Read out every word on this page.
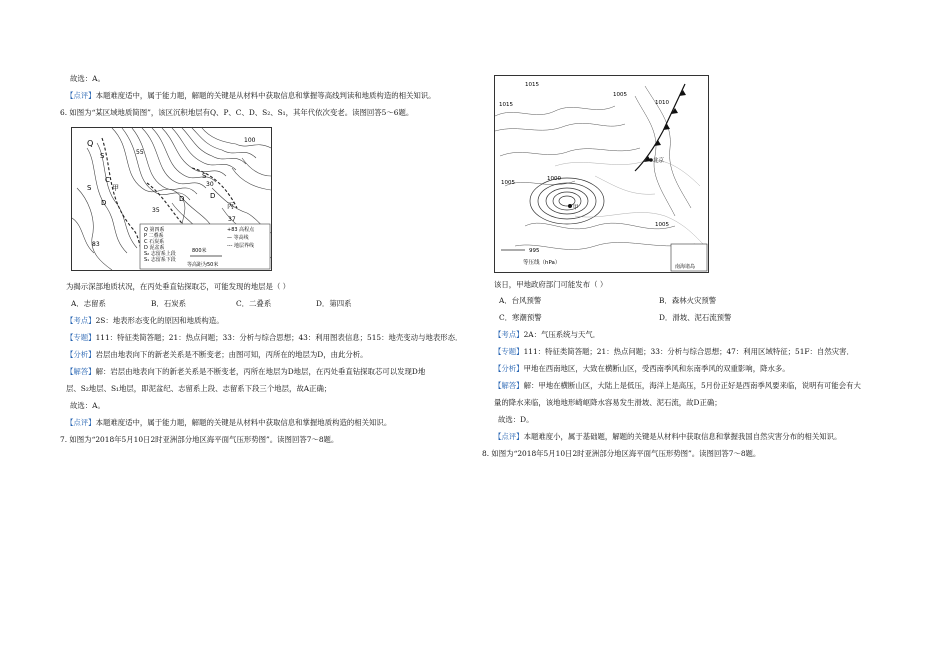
故选：A。
【点评】本题难度适中，属于能力题，解题的关键是从材料中获取信息和掌握等高线判读和地质构造的相关知识。
6. 如图为“某区域地质简图”，该区沉积地层有Q、P、C、D、S₂、S₁，其年代依次变老。读图回答5～6题。
Q
S
S
C
甲
D	D
S
D
丙
35
30
37
55
83
100
Q 第四系
P 二叠系
C 石炭系
D 泥盆系
S₂ 志留系上段
S₁ 志留系下段
+83 高程点
— 等高线
--- 地层界线
800米
等高距为50米
为揭示深部地质状况，在丙处垂直钻探取芯，可能发现的地层是（ ）
A．志留系	B．石炭系	C．二叠系	D．第四系
【考点】2S：地表形态变化的原因和地质构造。
【专题】111：特征类简答题；21：热点问题；33：分析与综合思想；43：利用图表信息；515：地壳变动与地表形态．
【分析】岩层由地表向下的新老关系是不断变老；由图可知，丙所在的地层为D，由此分析。
【解答】解：岩层由地表向下的新老关系是不断变老，丙所在地层为D地层，在丙处垂直钻探取芯可以发现D地
层、S₂地层、S₁地层，即泥盆纪、志留系上段、志留系下段三个地层，故A正确；
故选：A。
【点评】本题难度适中，属于能力题，解题的关键是从材料中获取信息和掌握地质构造的相关知识。
7. 如图为“2018年5月10日2时亚洲部分地区海平面气压形势图”。读图回答7～8题。
1015
1015
1005
1010
1005
1000
1005
北京
甲
995
等压线（hPa）
南海诸岛
该日，甲地政府部门可能发布（ ）
A．台风预警	B．森林火灾预警
C．寒潮预警	D．滑坡、泥石流预警
【考点】2A：气压系统与天气．
【专题】111：特征类简答题；21：热点问题；33：分析与综合思想；47：利用区域特征；51F：自然灾害．
【分析】甲地在西南地区，大致在横断山区，受西南季风和东南季风的双重影响，降水多。
【解答】解：甲地在横断山区，大陆上是低压，海洋上是高压，5月份正好是西南季风要来临，说明有可能会有大
量的降水来临，该地地形崎岖降水容易发生滑坡、泥石流，故D正确；
故选：D。
【点评】本题难度小，属于基础题，解题的关键是从材料中获取信息和掌握我国自然灾害分布的相关知识。
8. 如图为“2018年5月10日2时亚洲部分地区海平面气压形势图”。读图回答7～8题。
